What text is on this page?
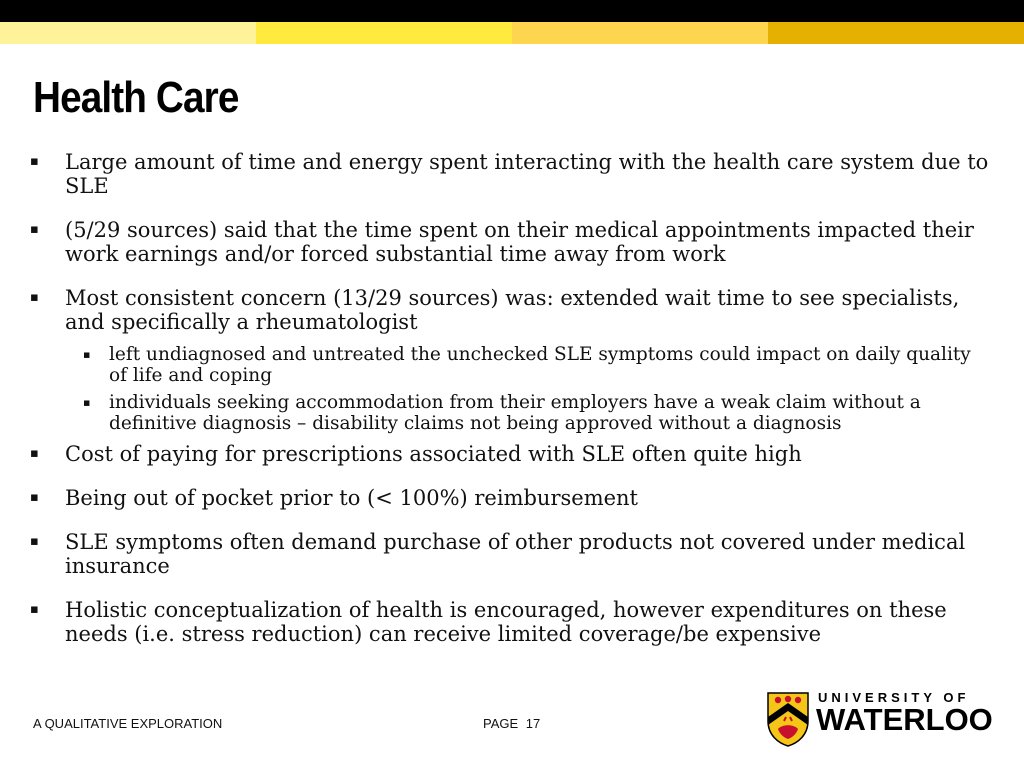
Health Care
▪ Large amount of time and energy spent interacting with the health care system due to SLE
▪ (5/29 sources) said that the time spent on their medical appointments impacted their work earnings and/or forced substantial time away from work
▪ Most consistent concern (13/29 sources) was: extended wait time to see specialists, and specifically a rheumatologist
▪ left undiagnosed and untreated the unchecked SLE symptoms could impact on daily quality of life and coping
▪ individuals seeking accommodation from their employers have a weak claim without a definitive diagnosis – disability claims not being approved without a diagnosis
▪ Cost of paying for prescriptions associated with SLE often quite high
▪ Being out of pocket prior to (< 100%) reimbursement
▪ SLE symptoms often demand purchase of other products not covered under medical insurance
▪ Holistic conceptualization of health is encouraged, however expenditures on these needs (i.e. stress reduction) can receive limited coverage/be expensive
A QUALITATIVE EXPLORATION	PAGE 17
UNIVERSITY OF
WATERLOO
